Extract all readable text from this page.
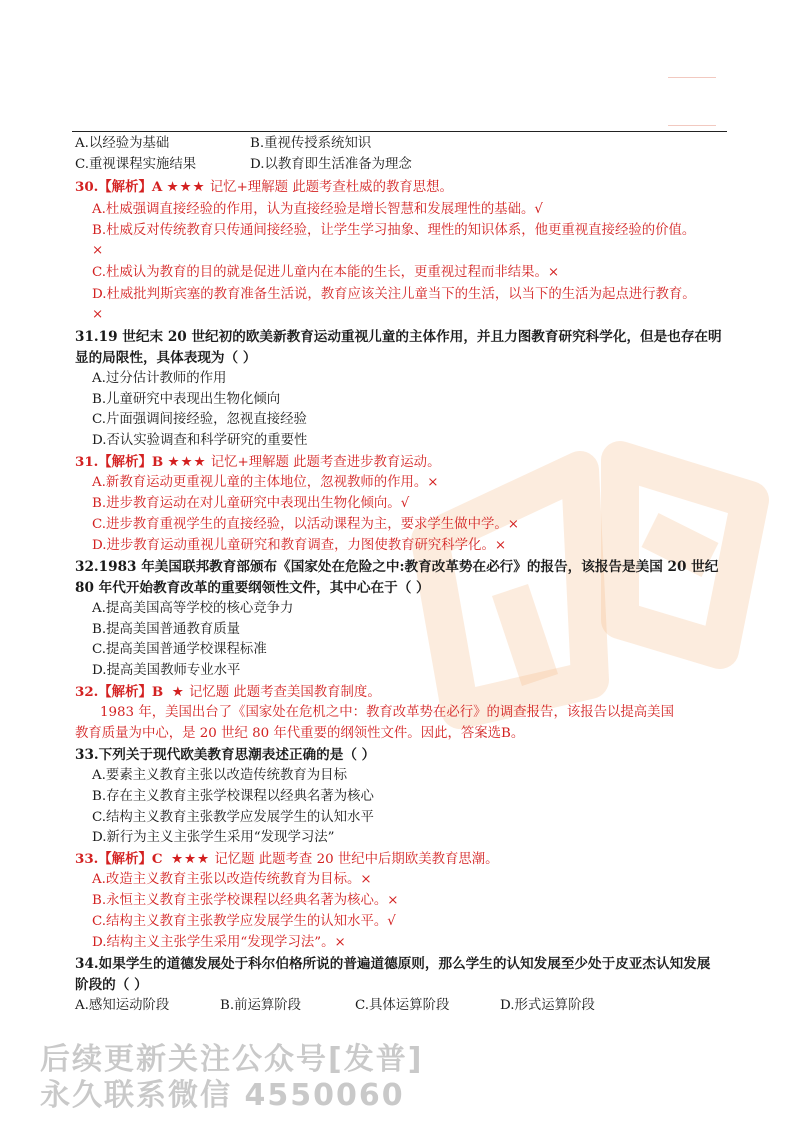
A.以经验为基础	B.重视传授系统知识
C.重视课程实施结果	D.以教育即生活准备为理念
30.【解析】A ★★★ 记忆+理解题 此题考查杜威的教育思想。
A.杜威强调直接经验的作用，认为直接经验是增长智慧和发展理性的基础。√
B.杜威反对传统教育只传通间接经验，让学生学习抽象、理性的知识体系，他更重视直接经验的价值。
×
C.杜威认为教育的目的就是促进儿童内在本能的生长，更重视过程而非结果。×
D.杜威批判斯宾塞的教育准备生活说，教育应该关注儿童当下的生活，以当下的生活为起点进行教育。
×
31.19 世纪末 20 世纪初的欧美新教育运动重视儿童的主体作用，并且力图教育研究科学化，但是也存在明
显的局限性，具体表现为（ ）
A.过分估计教师的作用
B.儿童研究中表现出生物化倾向
C.片面强调间接经验，忽视直接经验
D.否认实验调查和科学研究的重要性
31.【解析】B ★★★ 记忆+理解题 此题考查进步教育运动。
A.新教育运动更重视儿童的主体地位，忽视教师的作用。×
B.进步教育运动在对儿童研究中表现出生物化倾向。√
C.进步教育重视学生的直接经验，以活动课程为主，要求学生做中学。×
D.进步教育运动重视儿童研究和教育调查，力图使教育研究科学化。×
32.1983 年美国联邦教育部颁布《国家处在危险之中:教育改革势在必行》的报告，该报告是美国 20 世纪
80 年代开始教育改革的重要纲领性文件，其中心在于（ ）
A.提高美国高等学校的核心竞争力
B.提高美国普通教育质量
C.提高美国普通学校课程标准
D.提高美国教师专业水平
32.【解析】B ★ 记忆题 此题考查美国教育制度。
1983 年，美国出台了《国家处在危机之中：教育改革势在必行》的调查报告，该报告以提高美国
教育质量为中心，是 20 世纪 80 年代重要的纲领性文件。因此，答案选B。
33.下列关于现代欧美教育思潮表述正确的是（ ）
A.要素主义教育主张以改造传统教育为目标
B.存在主义教育主张学校课程以经典名著为核心
C.结构主义教育主张教学应发展学生的认知水平
D.新行为主义主张学生采用“发现学习法”
33.【解析】C ★★★ 记忆题 此题考查 20 世纪中后期欧美教育思潮。
A.改造主义教育主张以改造传统教育为目标。×
B.永恒主义教育主张学校课程以经典名著为核心。×
C.结构主义教育主张教学应发展学生的认知水平。√
D.结构主义主张学生采用“发现学习法”。×
34.如果学生的道德发展处于科尔伯格所说的普遍道德原则，那么学生的认知发展至少处于皮亚杰认知发展
阶段的（ ）
A.感知运动阶段	B.前运算阶段	C.具体运算阶段	D.形式运算阶段
后续更新关注公众号[发普]
永久联系微信 4550060
